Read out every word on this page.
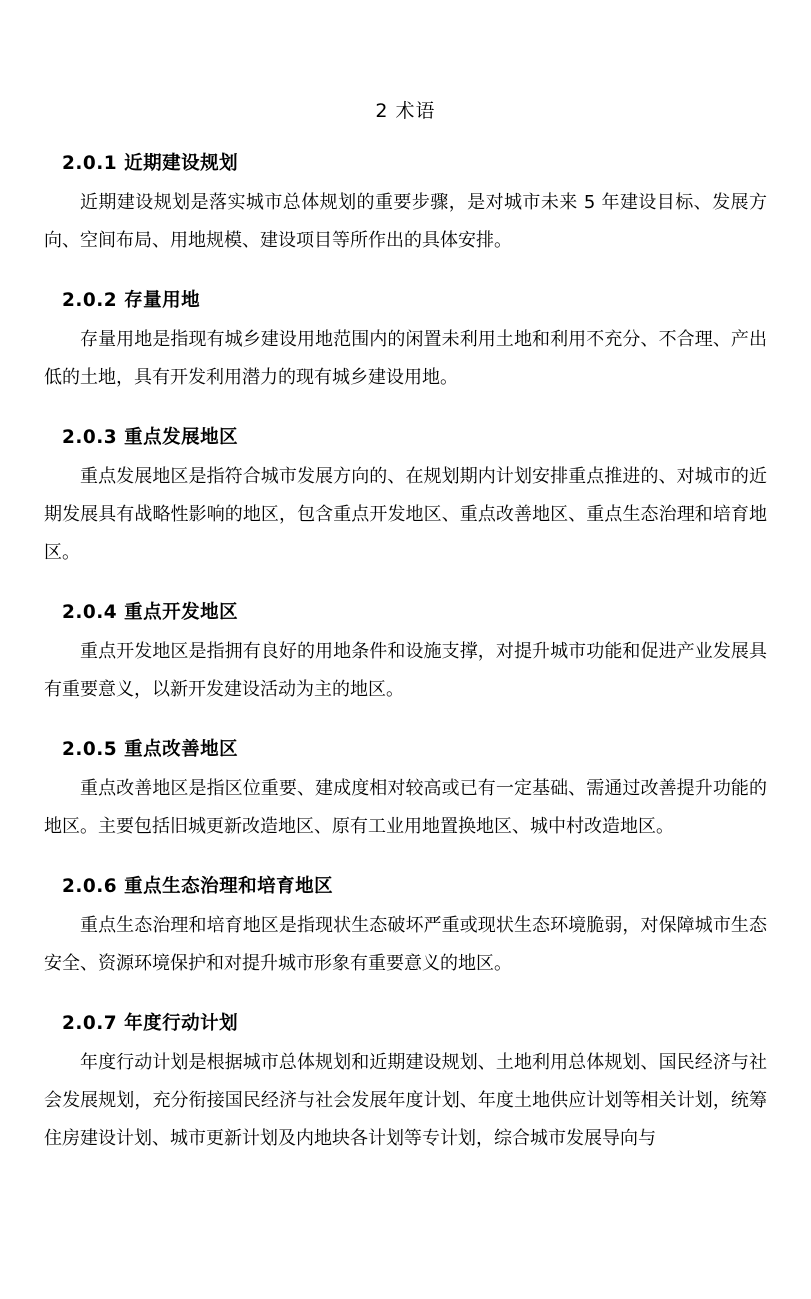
2 术语
2.0.1 近期建设规划

近期建设规划是落实城市总体规划的重要步骤，是对城市未来 5 年建设目标、发展方向、空间布局、用地规模、建设项目等所作出的具体安排。

2.0.2 存量用地

存量用地是指现有城乡建设用地范围内的闲置未利用土地和利用不充分、不合理、产出低的土地，具有开发利用潜力的现有城乡建设用地。

2.0.3 重点发展地区

重点发展地区是指符合城市发展方向的、在规划期内计划安排重点推进的、对城市的近期发展具有战略性影响的地区，包含重点开发地区、重点改善地区、重点生态治理和培育地区。

2.0.4 重点开发地区

重点开发地区是指拥有良好的用地条件和设施支撑，对提升城市功能和促进产业发展具有重要意义，以新开发建设活动为主的地区。

2.0.5 重点改善地区

重点改善地区是指区位重要、建成度相对较高或已有一定基础、需通过改善提升功能的地区。主要包括旧城更新改造地区、原有工业用地置换地区、城中村改造地区。

2.0.6 重点生态治理和培育地区

重点生态治理和培育地区是指现状生态破坏严重或现状生态环境脆弱，对保障城市生态安全、资源环境保护和对提升城市形象有重要意义的地区。

2.0.7 年度行动计划

年度行动计划是根据城市总体规划和近期建设规划、土地利用总体规划、国民经济与社会发展规划，充分衔接国民经济与社会发展年度计划、年度土地供应计划等相关计划，统筹住房建设计划、城市更新计划及内地块各计划等专计划，综合城市发展导向与
